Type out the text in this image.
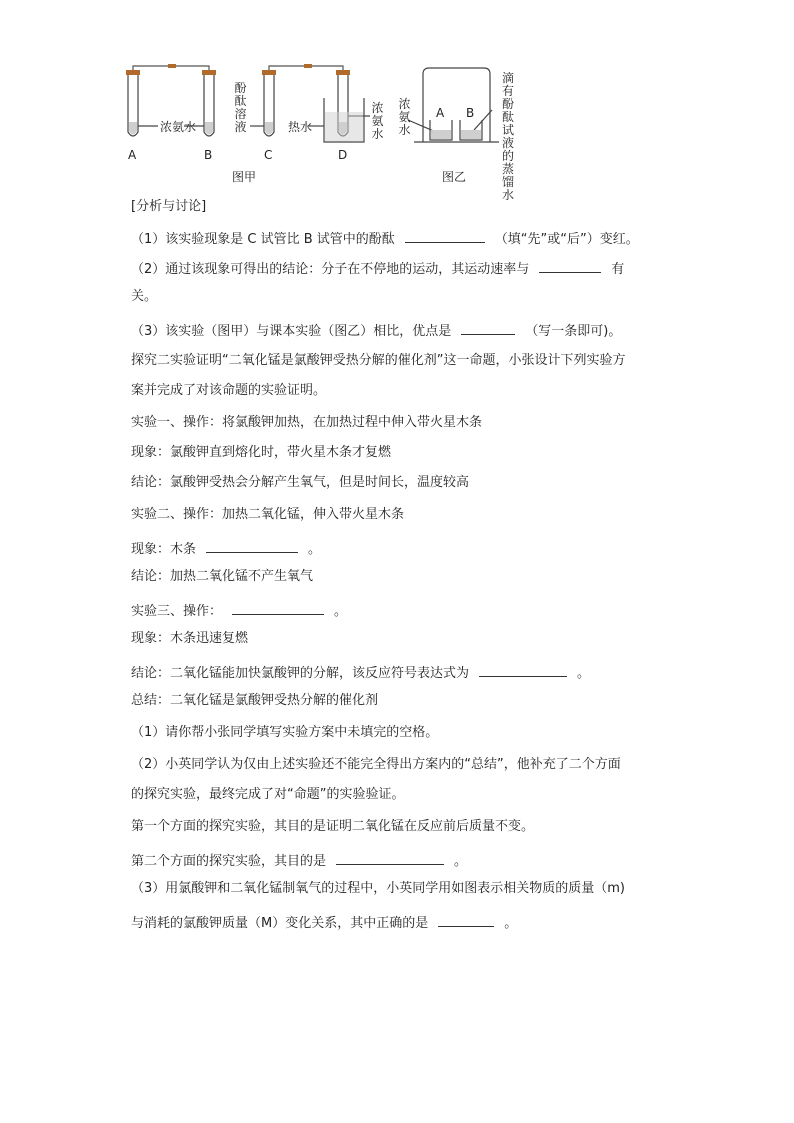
浓氨水
酚
酞
溶
液	热水
浓
氨
水
浓
氨
水
滴
有
酚
酞
试
液
的
蒸
馏
水
A	B	C	D
A B
图甲	图乙
[分析与讨论]
（1）该实验现象是 C 试管比 B 试管中的酚酞	（填“先”或“后”）变红。
（2）通过该现象可得出的结论：分子在不停地的运动，其运动速率与	有
关。
（3）该实验（图甲）与课本实验（图乙）相比，优点是	（写一条即可)。
探究二实验证明“二氧化锰是氯酸钾受热分解的催化剂”这一命题，小张设计下列实验方
案并完成了对该命题的实验证明。
实验一、操作：将氯酸钾加热，在加热过程中伸入带火星木条
现象：氯酸钾直到熔化时，带火星木条才复燃
结论：氯酸钾受热会分解产生氧气，但是时间长，温度较高
实验二、操作：加热二氧化锰，伸入带火星木条
现象：木条	。
结论：加热二氧化锰不产生氧气
实验三、操作：	。
现象：木条迅速复燃
结论：二氧化锰能加快氯酸钾的分解，该反应符号表达式为	。
总结：二氧化锰是氯酸钾受热分解的催化剂
（1）请你帮小张同学填写实验方案中未填完的空格。
（2）小英同学认为仅由上述实验还不能完全得出方案内的“总结”，他补充了二个方面
的探究实验，最终完成了对“命题”的实验验证。
第一个方面的探究实验，其目的是证明二氧化锰在反应前后质量不变。
第二个方面的探究实验，其目的是	。
（3）用氯酸钾和二氧化锰制氧气的过程中，小英同学用如图表示相关物质的质量（m)
与消耗的氯酸钾质量（M）变化关系，其中正确的是	。
